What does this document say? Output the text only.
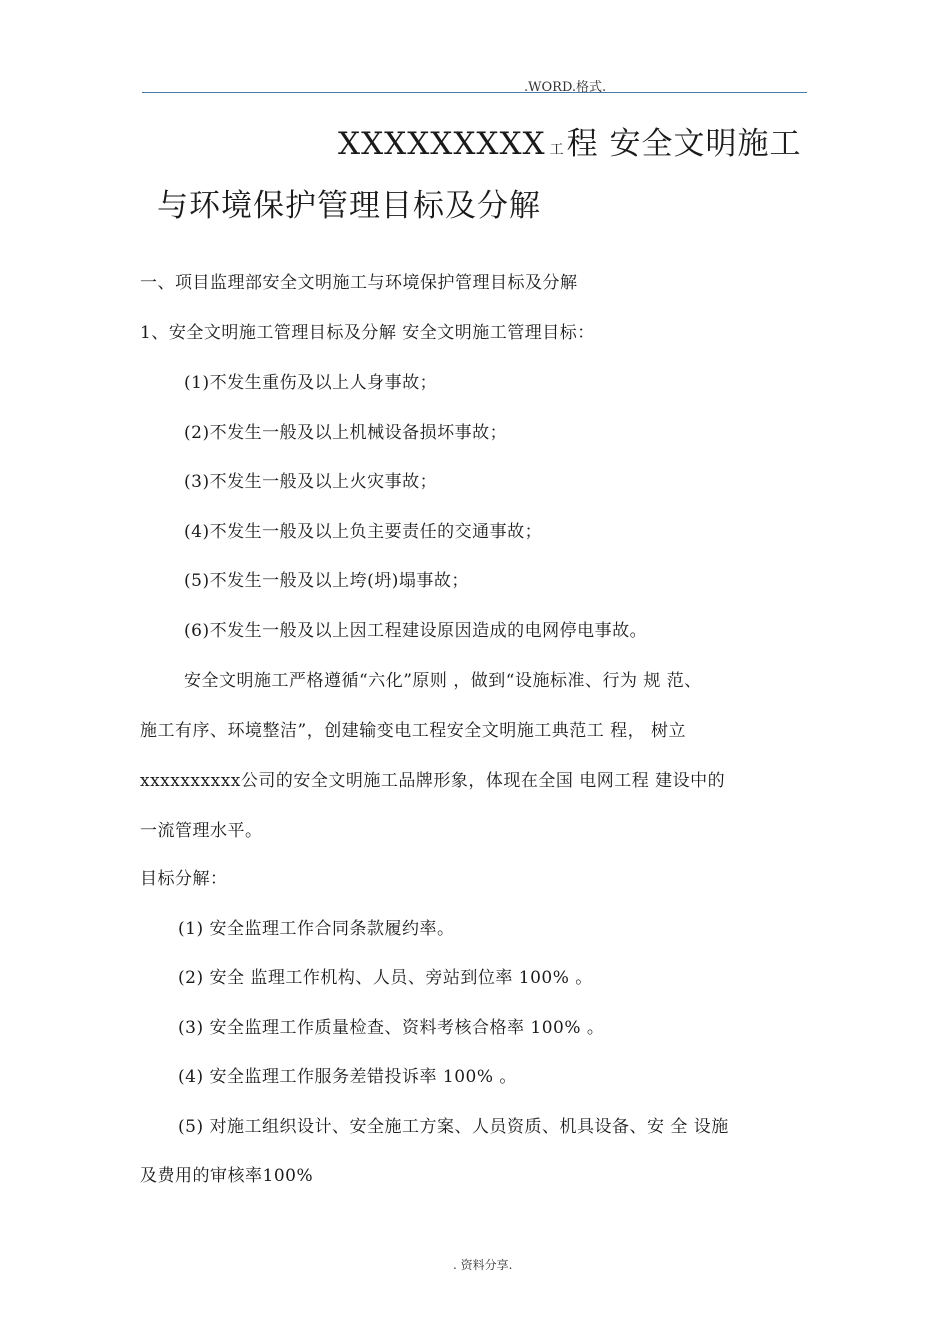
.WORD.格式.
XXXXXXXXX 工程 安全文明施工
与环境保护管理目标及分解
一、项目监理部安全文明施工与环境保护管理目标及分解
1、安全文明施工管理目标及分解 安全文明施工管理目标：
(1)不发生重伤及以上人身事故；
(2)不发生一般及以上机械设备损坏事故；
(3)不发生一般及以上火灾事故；
(4)不发生一般及以上负主要责任的交通事故；
(5)不发生一般及以上垮(坍)塌事故；
(6)不发生一般及以上因工程建设原因造成的电网停电事故。
安全文明施工严格遵循“六化”原则 ，做到“设施标准、行为 规 范、
施工有序、环境整洁”，创建输变电工程安全文明施工典范工 程， 树立
xxxxxxxxxx公司的安全文明施工品牌形象，体现在全国 电网工程 建设中的
一流管理水平。
目标分解：
(1) 安全监理工作合同条款履约率。
(2) 安全 监理工作机构、人员、旁站到位率 100% 。
(3) 安全监理工作质量检查、资料考核合格率 100% 。
(4) 安全监理工作服务差错投诉率 100% 。
(5) 对施工组织设计、安全施工方案、人员资质、机具设备、安 全 设施
及费用的审核率100%
. 资料分享.
